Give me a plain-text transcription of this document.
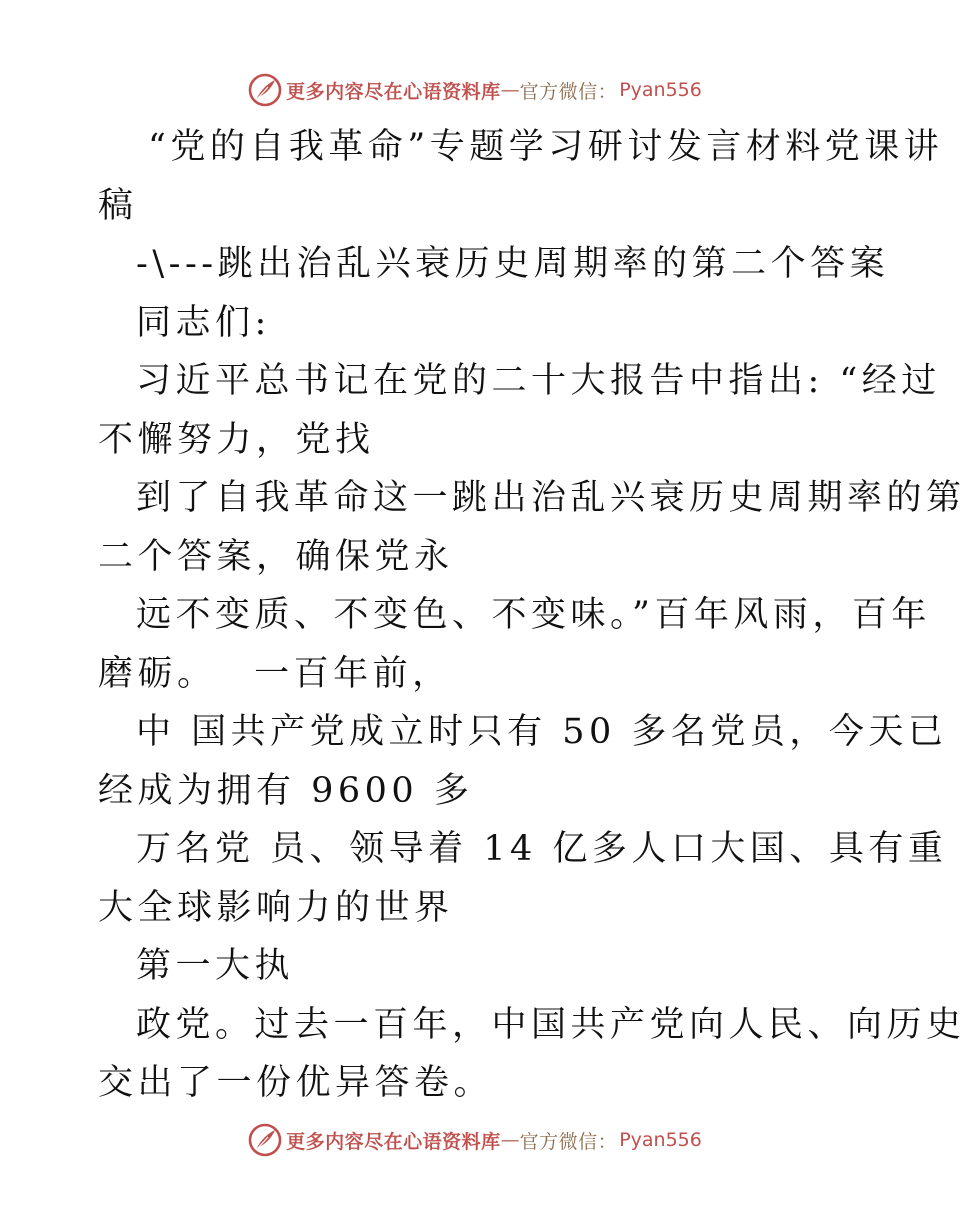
更多内容尽在心语资料库 — 官方微信： Pyan556
“党的自我革命”专题学习研讨发言材料党课讲
稿
-\---跳出治乱兴衰历史周期率的第二个答案
同志们:
习近平总书记在党的二十大报告中指出: “经过
不懈努力，党找
到了自我革命这一跳出治乱兴衰历史周期率的第
二个答案，确保党永
远不变质、不变色、不变味。”百年风雨，百年
磨砺。　 一百年前，
中 国共产党成立时只有 50 多名党员，今天已
经成为拥有 9600 多
万名党 员、领导着 14 亿多人口大国、具有重
大全球影响力的世界
第一大执
政党。过去一百年，中国共产党向人民、向历史
交出了一份优异答卷。
更多内容尽在心语资料库 — 官方微信： Pyan556
